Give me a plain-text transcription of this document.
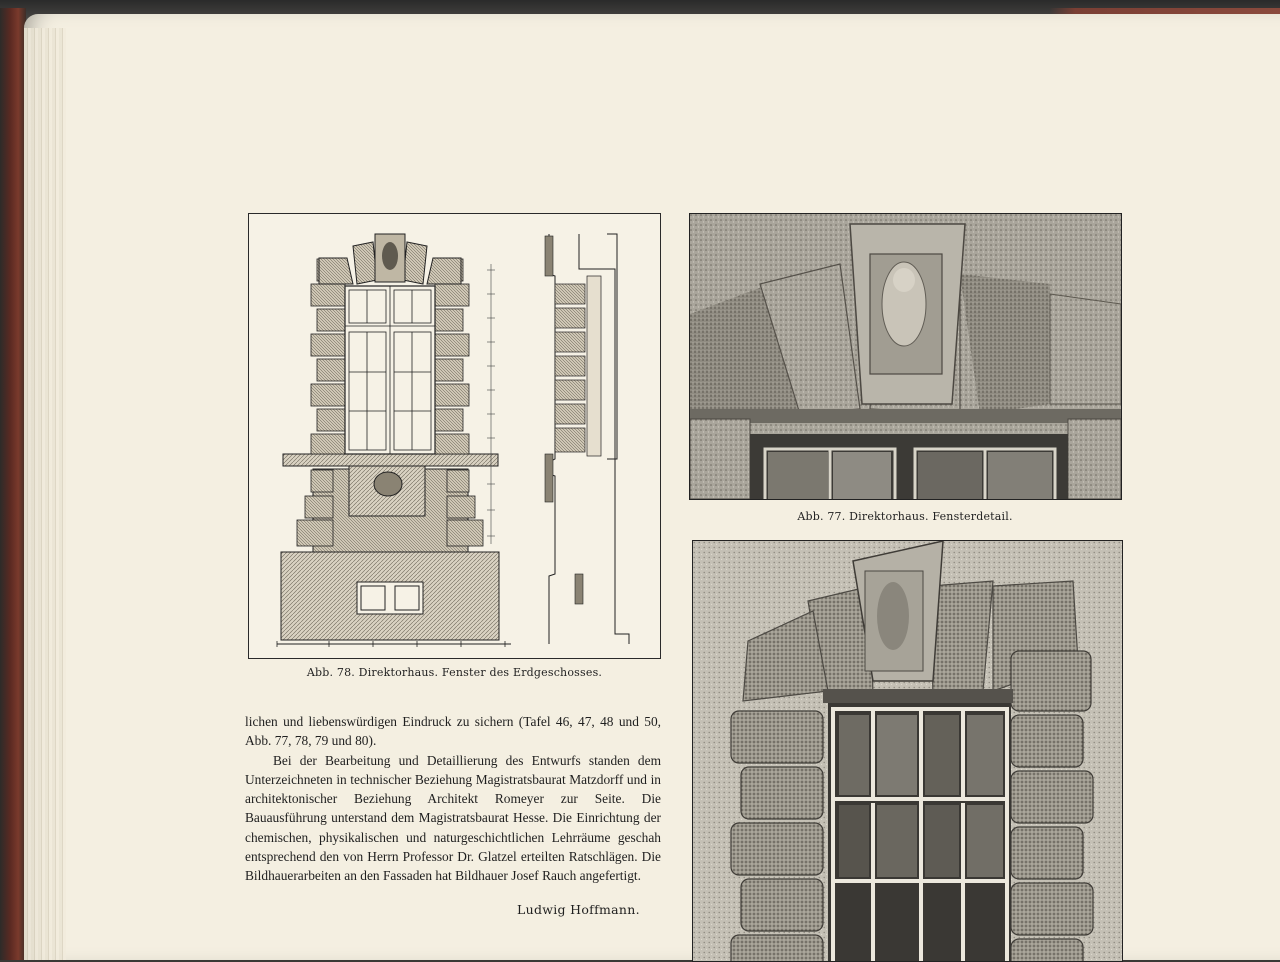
Abb. 78. Direktorhaus. Fenster des Erdgeschosses.
Abb. 77. Direktorhaus. Fensterdetail.

lichen und liebenswürdigen Eindruck zu sichern (Tafel 46, 47, 48 und 50, Abb. 77, 78, 79 und 80).

Bei der Bearbeitung und Detaillierung des Entwurfs standen dem Unterzeichneten in technischer Beziehung Magistratsbaurat Matzdorff und in architektonischer Beziehung Architekt Romeyer zur Seite. Die Bauausführung unterstand dem Magistratsbaurat Hesse. Die Einrichtung der chemischen, physikalischen und naturgeschichtlichen Lehrräume geschah entsprechend den von Herrn Professor Dr. Glatzel erteilten Ratschlägen. Die Bildhauerarbeiten an den Fassaden hat Bildhauer Josef Rauch angefertigt.

Ludwig Hoffmann.
